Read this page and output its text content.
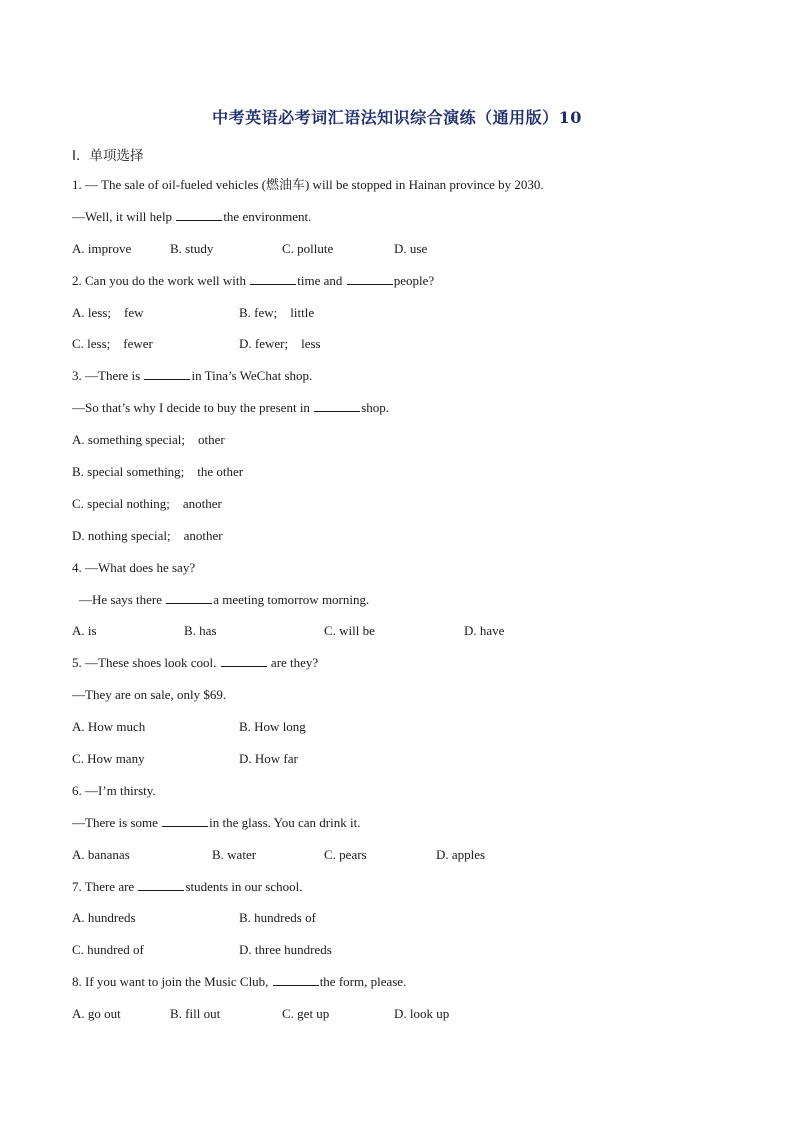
中考英语必考词汇语法知识综合演练（通用版）10
Ⅰ．单项选择
1. — The sale of oil-fueled vehicles (燃油车) will be stopped in Hainan province by 2030.
—Well, it will help	the environment.
A. improve	B. study	C. pollute	D. use
2. Can you do the work well with	time and	people?
A. less;    few	B. few;    little
C. less;    fewer	D. fewer;    less
3. —There is	in Tina’s WeChat shop.
—So that’s why I decide to buy the present in	shop.
A. something special;    other
B. special something;    the other
C. special nothing;    another
D. nothing special;    another
4. —What does he say?
—He says there	a meeting tomorrow morning.
A. is	B. has	C. will be	D. have
5. —These shoes look cool.	are they?
—They are on sale, only $69.
A. How much	B. How long
C. How many	D. How far
6. —I’m thirsty.
—There is some	in the glass. You can drink it.
A. bananas	B. water	C. pears	D. apples
7. There are	students in our school.
A. hundreds	B. hundreds of
C. hundred of	D. three hundreds
8. If you want to join the Music Club,	the form, please.
A. go out	B. fill out	C. get up	D. look up
